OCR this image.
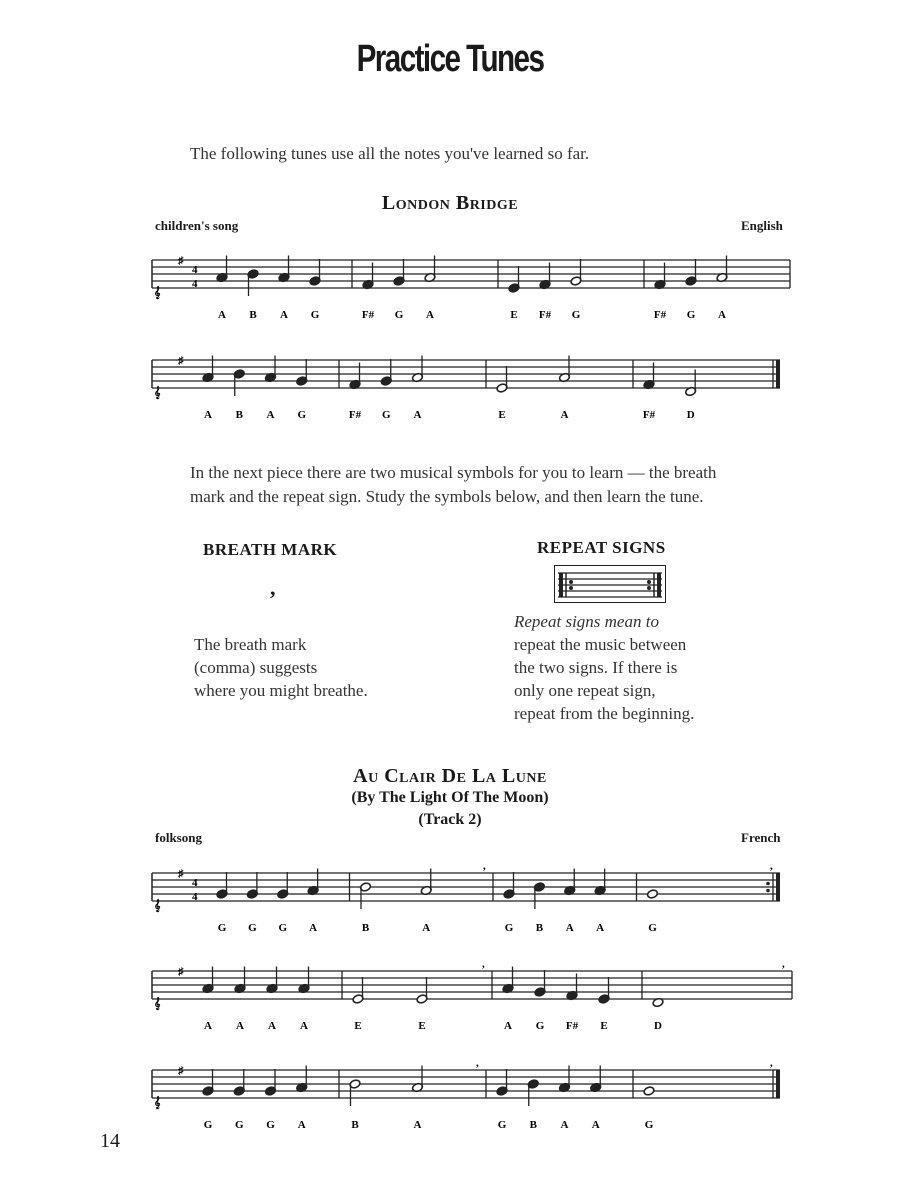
Practice Tunes
The following tunes use all the notes you've learned so far.
London Bridge
children's song	English
In the next piece there are two musical symbols for you to learn — the breath
mark and the repeat sign. Study the symbols below, and then learn the tune.
BREATH MARK
,
The breath mark
(comma) suggests
where you might breathe.
REPEAT SIGNS
Repeat signs mean to
repeat the music between
the two signs. If there is
only one repeat sign,
repeat from the beginning.
Au Clair De La Lune
(By The Light Of The Moon)
(Track 2)
folksong	French
14
𝄞
♯
4
4
A B A G	F# G A	E F# G	F# G A
𝄞
♯
A B A G	F# G A	E	A	F#	D
𝄞
♯
4
4
G G G A	B	A
,
G B A A	G
,
𝄞
♯
A A A A	E	E
,
A G F# E	D
,
𝄞
♯
G G G A	B	A
,
G B A A	G
,
